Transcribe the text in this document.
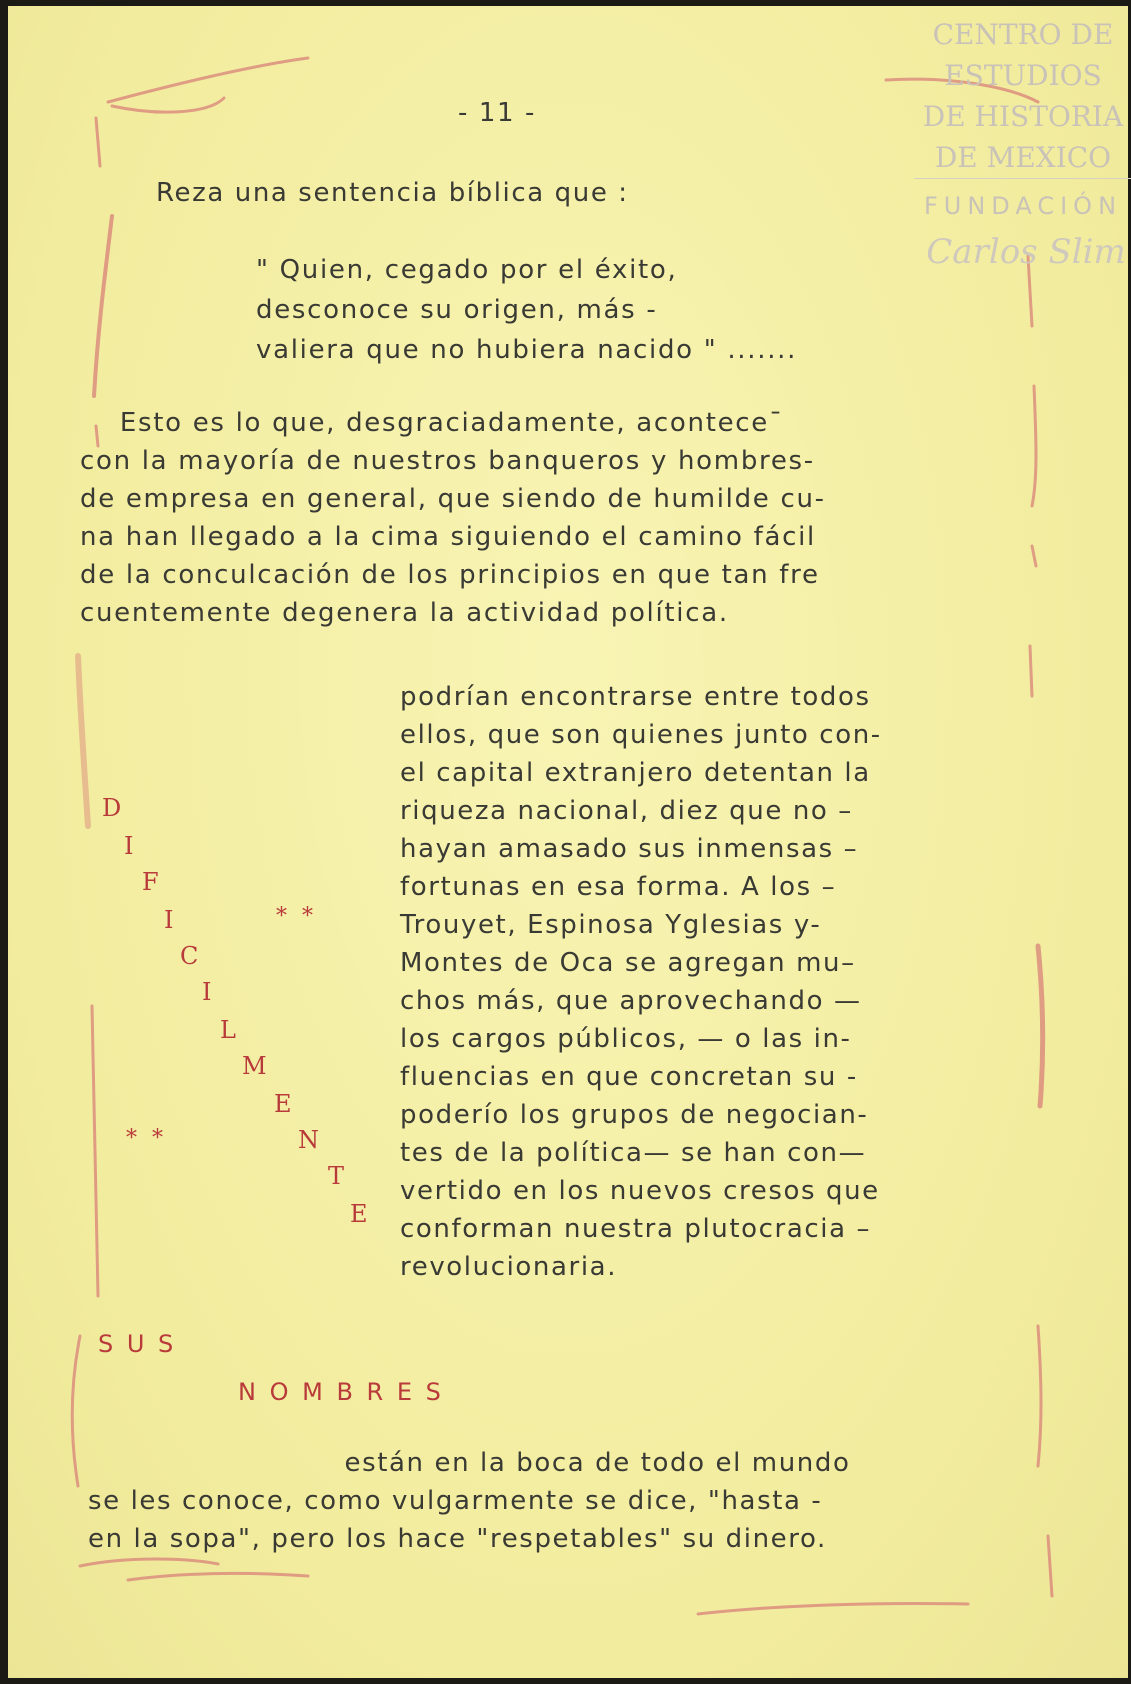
CENTRO DE
ESTUDIOS
DE HISTORIA
DE MEXICO
FUNDACIÓN
Carlos Slim
- 11 -
Reza una sentencia bíblica que :
" Quien, cegado por el éxito,
desconoce su origen, más -
valiera que no hubiera nacido " .......
Esto es lo que, desgraciadamente, aconteceˉ
con la mayoría de nuestros banqueros y hombres-
de empresa en general, que siendo de humilde cu-
na han llegado a la cima siguiendo el camino fácil
de la conculcación de los principios en que tan fre
cuentemente degenera la actividad política.
podrían encontrarse entre todos
ellos, que son quienes junto con-
el capital extranjero detentan la
riqueza nacional, diez que no –
hayan amasado sus inmensas –
fortunas en esa forma. A los –
Trouyet, Espinosa Yglesias y-
Montes de Oca se agregan mu–
chos más, que aprovechando —
los cargos públicos, — o las in-
fluencias en que concretan su -
poderío los grupos de negocian-
tes de la política— se han con—
vertido en los nuevos cresos que
conforman nuestra plutocracia –
revolucionaria.
D
I
F
I
C
I
L
M
E
N
T
E
* *
* *
S U S
N O M B R E S
están en la boca de todo el mundo
se les conoce, como vulgarmente se dice, "hasta -
en la sopa", pero los hace "respetables" su dinero.
